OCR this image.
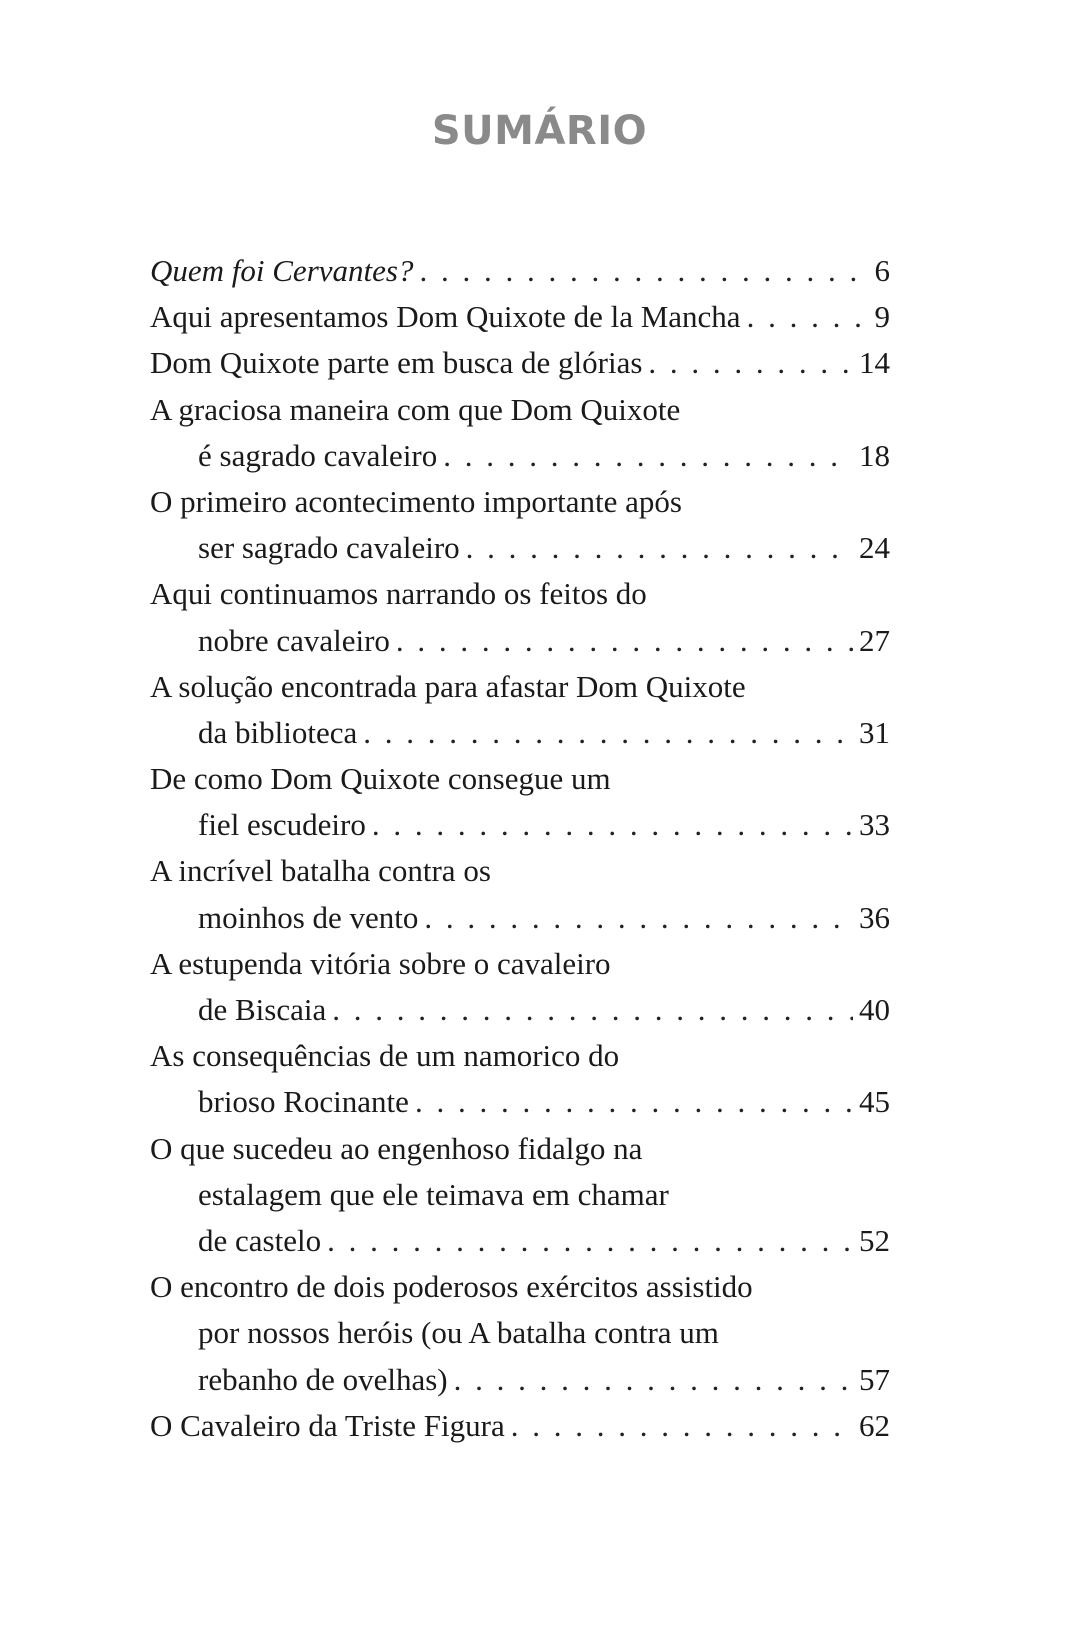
SUMÁRIO
Quem foi Cervantes? . . .	6
Aqui apresentamos Dom Quixote de la Mancha . . .	9
Dom Quixote parte em busca de glórias . . .	14
A graciosa maneira com que Dom Quixote
é sagrado cavaleiro . . .	18
O primeiro acontecimento importante após
ser sagrado cavaleiro . . .	24
Aqui continuamos narrando os feitos do
nobre cavaleiro . . .	27
A solução encontrada para afastar Dom Quixote
da biblioteca . . .	31
De como Dom Quixote consegue um
fiel escudeiro . . .	33
A incrível batalha contra os
moinhos de vento . . .	36
A estupenda vitória sobre o cavaleiro
de Biscaia . . .	40
As consequências de um namorico do
brioso Rocinante . . .	45
O que sucedeu ao engenhoso fidalgo na
estalagem que ele teimava em chamar
de castelo . . .	52
O encontro de dois poderosos exércitos assistido
por nossos heróis (ou A batalha contra um
rebanho de ovelhas) . . .	57
O Cavaleiro da Triste Figura . . .	62
